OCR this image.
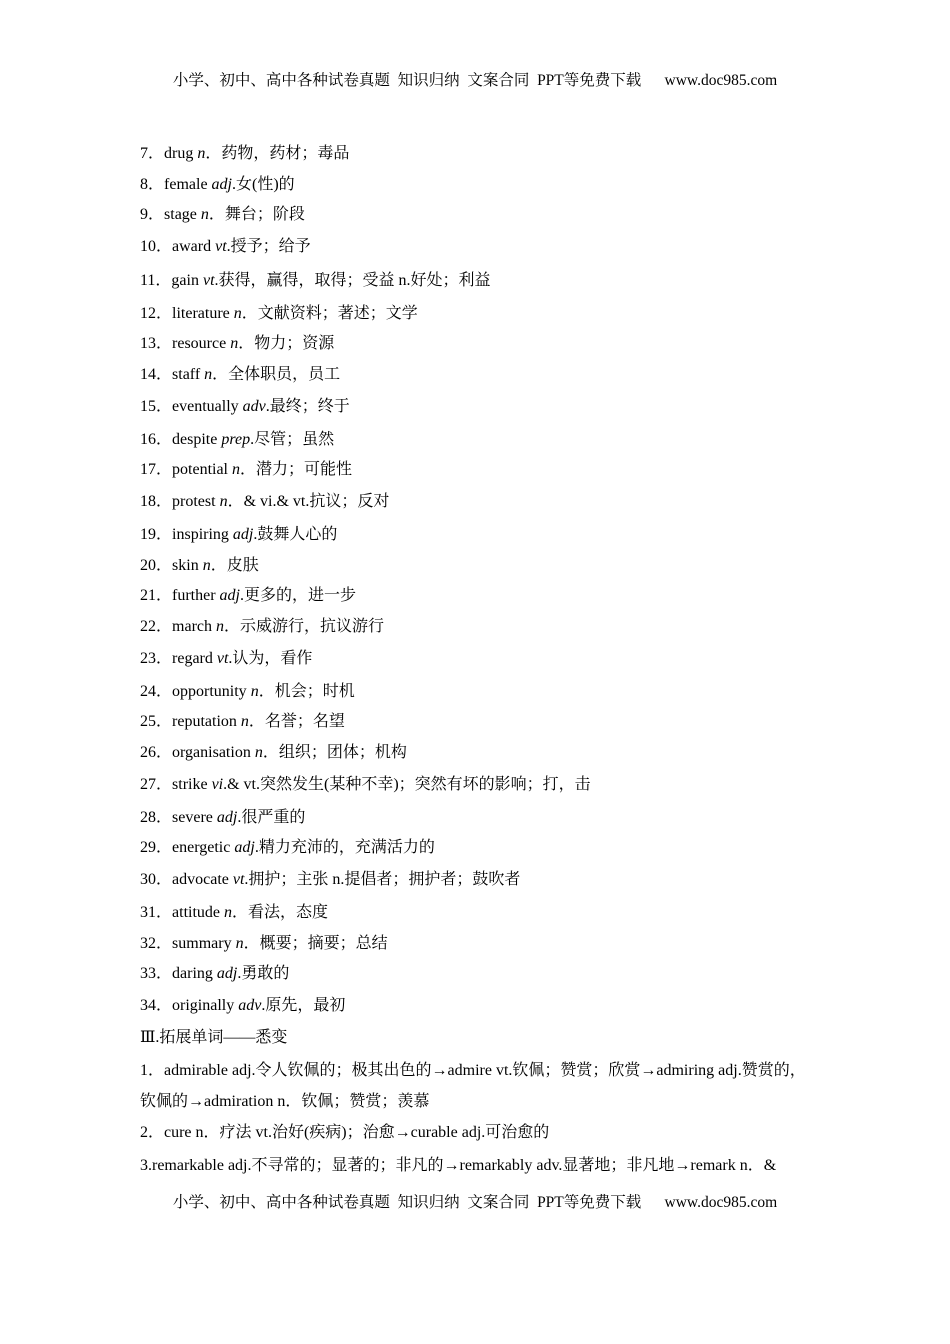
小学、初中、高中各种试卷真题  知识归纳  文案合同  PPT等免费下载      www.doc985.com
7．drug n．药物，药材；毒品
8．female adj.女(性)的
9．stage n．舞台；阶段
10．award vt.授予；给予
11．gain vt.获得，赢得，取得；受益 n.好处；利益
12．literature n．文献资料；著述；文学
13．resource n．物力；资源
14．staff n．全体职员，员工
15．eventually adv.最终；终于
16．despite prep.尽管；虽然
17．potential n．潜力；可能性
18．protest n．& vi.& vt.抗议；反对
19．inspiring adj.鼓舞人心的
20．skin n．皮肤
21．further adj.更多的，进一步
22．march n．示威游行，抗议游行
23．regard vt.认为，看作
24．opportunity n．机会；时机
25．reputation n．名誉；名望
26．organisation n．组织；团体；机构
27．strike vi.& vt.突然发生(某种不幸)；突然有坏的影响；打，击
28．severe adj.很严重的
29．energetic adj.精力充沛的，充满活力的
30．advocate vt.拥护；主张 n.提倡者；拥护者；鼓吹者
31．attitude n．看法，态度
32．summary n．概要；摘要；总结
33．daring adj.勇敢的
34．originally adv.原先，最初
Ⅲ.拓展单词——悉变
1．admirable adj.令人钦佩的；极其出色的→admire vt.钦佩；赞赏；欣赏→admiring adj.赞赏的，钦佩的→admiration n．钦佩；赞赏；羡慕
2．cure n．疗法 vt.治好(疾病)；治愈→curable adj.可治愈的
3.remarkable adj.不寻常的；显著的；非凡的→remarkably adv.显著地；非凡地→remark n．&
小学、初中、高中各种试卷真题  知识归纳  文案合同  PPT等免费下载      www.doc985.com
